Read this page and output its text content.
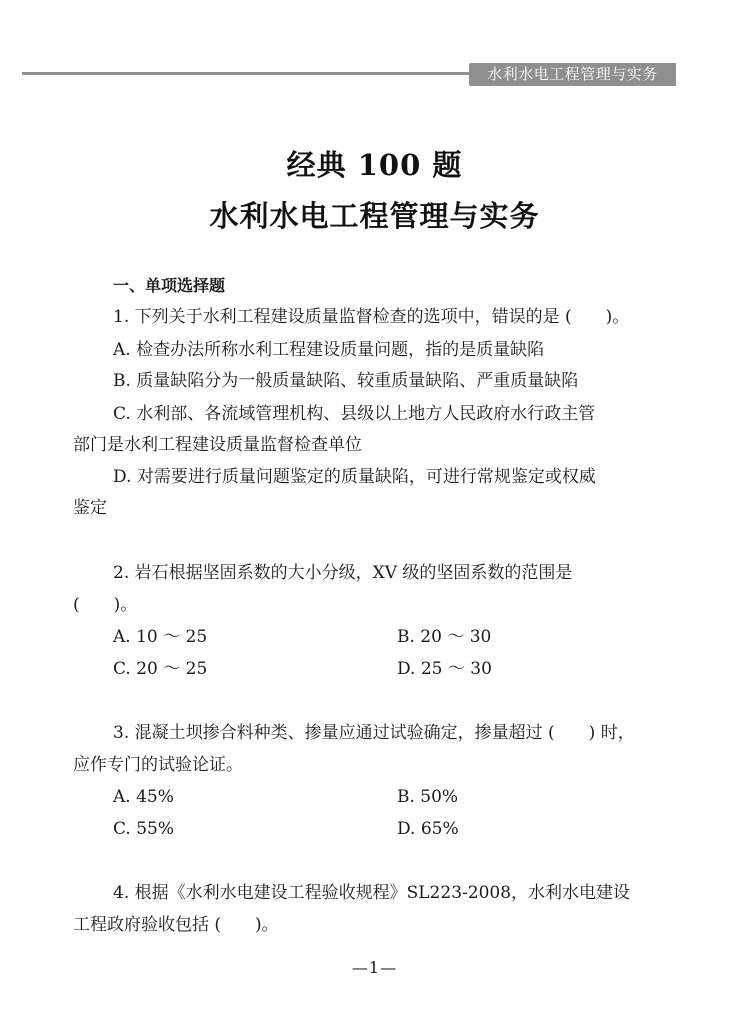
水利水电工程管理与实务
经典 100 题
水利水电工程管理与实务
一、单项选择题
1. 下列关于水利工程建设质量监督检查的选项中，错误的是 (　　)。
A. 检查办法所称水利工程建设质量问题，指的是质量缺陷
B. 质量缺陷分为一般质量缺陷、较重质量缺陷、严重质量缺陷
C. 水利部、各流域管理机构、县级以上地方人民政府水行政主管
部门是水利工程建设质量监督检查单位
D. 对需要进行质量问题鉴定的质量缺陷，可进行常规鉴定或权威
鉴定
2. 岩石根据坚固系数的大小分级，XV 级的坚固系数的范围是
(　　)。
A. 10 ～ 25	B. 20 ～ 30
C. 20 ～ 25	D. 25 ～ 30
3. 混凝土坝掺合料种类、掺量应通过试验确定，掺量超过 (　　) 时，
应作专门的试验论证。
A. 45%	B. 50%
C. 55%	D. 65%
4. 根据《水利水电建设工程验收规程》SL223-2008，水利水电建设
工程政府验收包括 (　　)。
—1—
